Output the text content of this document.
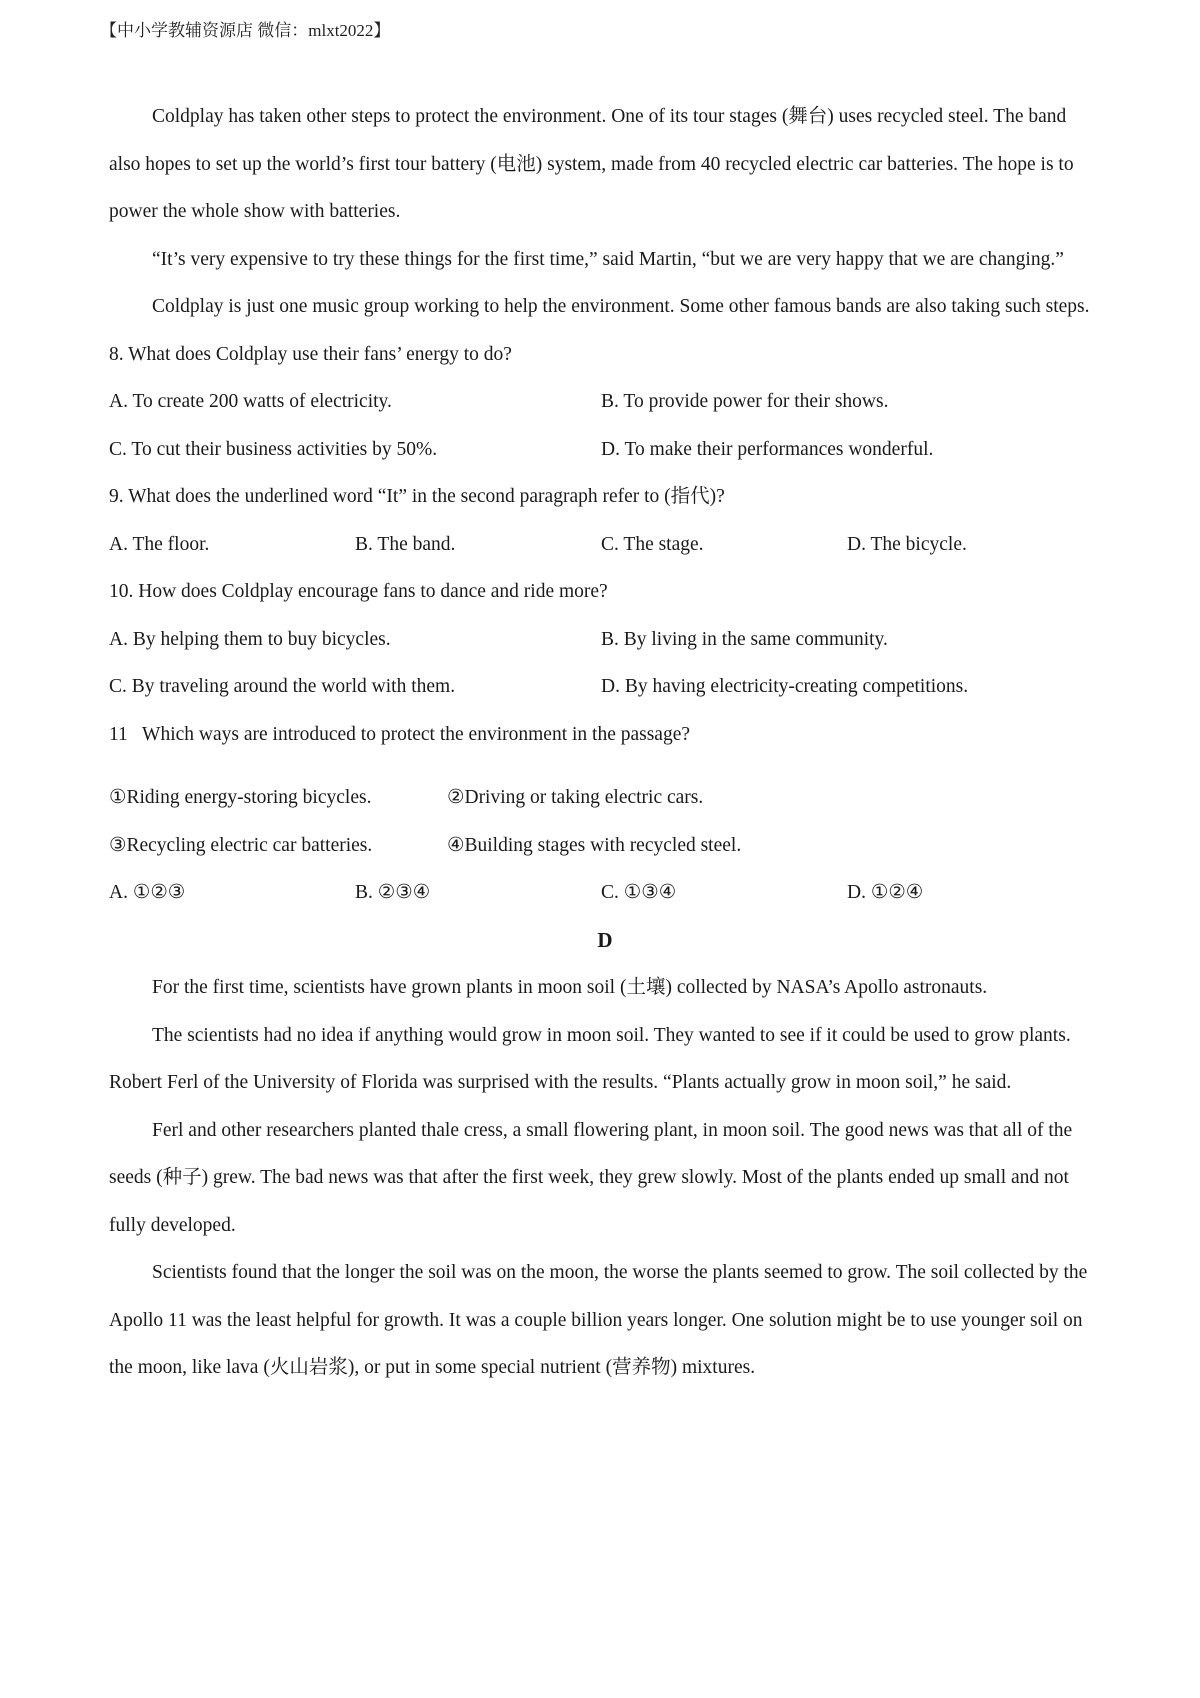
【中小学教辅资源店 微信：mlxt2022】

Coldplay has taken other steps to protect the environment. One of its tour stages (舞台) uses recycled steel. The band also hopes to set up the world’s first tour battery (电池) system, made from 40 recycled electric car batteries. The hope is to power the whole show with batteries.

“It’s very expensive to try these things for the first time,” said Martin, “but we are very happy that we are changing.”

Coldplay is just one music group working to help the environment. Some other famous bands are also taking such steps.

8. What does Coldplay use their fans’ energy to do?

A. To create 200 watts of electricity.	B. To provide power for their shows.
C. To cut their business activities by 50%.	D. To make their performances wonderful.

9. What does the underlined word “It” in the second paragraph refer to (指代)?

A. The floor.	B. The band.	C. The stage.	D. The bicycle.

10. How does Coldplay encourage fans to dance and ride more?

A. By helping them to buy bicycles.	B. By living in the same community.
C. By traveling around the world with them.	D. By having electricity-creating competitions.

11   Which ways are introduced to protect the environment in the passage?

①Riding energy-storing bicycles.	②Driving or taking electric cars.
③Recycling electric car batteries.	④Building stages with recycled steel.
A. ①②③	B. ②③④	C. ①③④	D. ①②④

D

For the first time, scientists have grown plants in moon soil (土壤) collected by NASA’s Apollo astronauts.

The scientists had no idea if anything would grow in moon soil. They wanted to see if it could be used to grow plants. Robert Ferl of the University of Florida was surprised with the results. “Plants actually grow in moon soil,” he said.

Ferl and other researchers planted thale cress, a small flowering plant, in moon soil. The good news was that all of the seeds (种子) grew. The bad news was that after the first week, they grew slowly. Most of the plants ended up small and not fully developed.

Scientists found that the longer the soil was on the moon, the worse the plants seemed to grow. The soil collected by the Apollo 11 was the least helpful for growth. It was a couple billion years longer. One solution might be to use younger soil on the moon, like lava (火山岩浆), or put in some special nutrient (营养物) mixtures.
